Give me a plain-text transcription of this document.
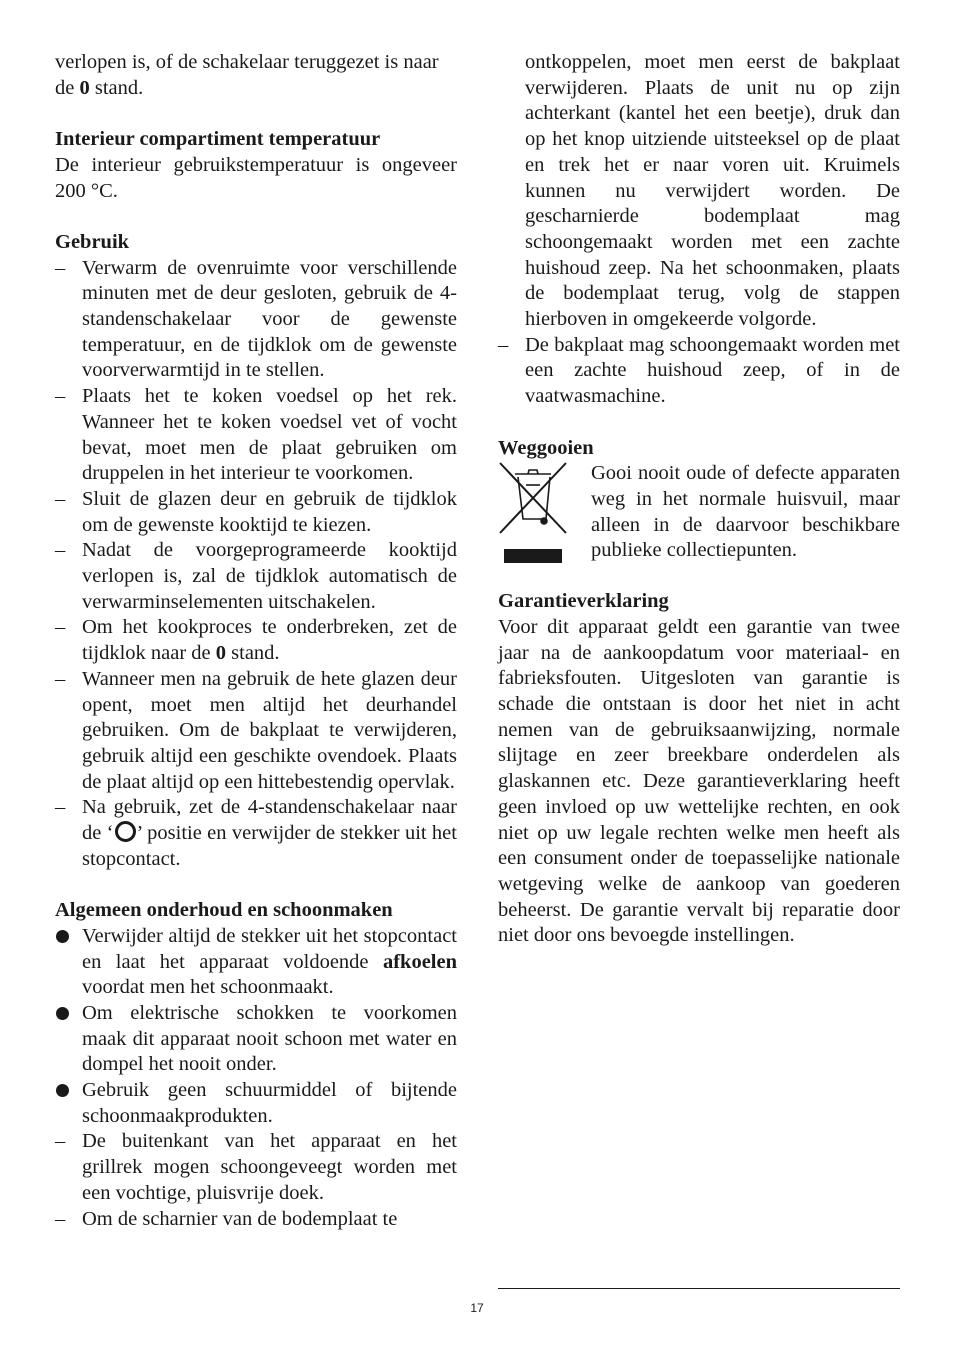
verlopen is, of de schakelaar teruggezet is naar
de 0 stand.

Interieur compartiment temperatuur

De interieur gebruikstemperatuur is ongeveer 200 °C.

Gebruik
– Verwarm de ovenruimte voor verschillende minuten met de deur gesloten, gebruik de 4-standenschakelaar voor de gewenste temperatuur, en de tijdklok om de gewenste voorverwarmtijd in te stellen.
– Plaats het te koken voedsel op het rek. Wanneer het te koken voedsel vet of vocht bevat, moet men de plaat gebruiken om druppelen in het interieur te voorkomen.
– Sluit de glazen deur en gebruik de tijdklok om de gewenste kooktijd te kiezen.
– Nadat de voorgeprogrameerde kooktijd verlopen is, zal de tijdklok automatisch de verwarminselementen uitschakelen.
– Om het kookproces te onderbreken, zet de tijdklok naar de 0 stand.
– Wanneer men na gebruik de hete glazen deur opent, moet men altijd het deurhandel gebruiken. Om de bakplaat te verwijderen, gebruik altijd een geschikte ovendoek. Plaats de plaat altijd op een hittebestendig opervlak.
– Na gebruik, zet de 4-standenschakelaar naar de ‘ ’ positie en verwijder de stekker uit het stopcontact.
Algemeen onderhoud en schoonmaken
Verwijder altijd de stekker uit het stopcontact en laat het apparaat voldoende afkoelen voordat men het schoonmaakt.
Om elektrische schokken te voorkomen maak dit apparaat nooit schoon met water en dompel het nooit onder.
Gebruik geen schuurmiddel of bijtende schoonmaakprodukten.
– De buitenkant van het apparaat en het grillrek mogen schoongeveegt worden met een vochtige, pluisvrije doek.
– Om de scharnier van de bodemplaat te

ontkoppelen, moet men eerst de bakplaat verwijderen. Plaats de unit nu op zijn achterkant (kantel het een beetje), druk dan op het knop uitziende uitsteeksel op de plaat en trek het er naar voren uit. Kruimels kunnen nu verwijdert worden. De gescharnierde bodemplaat mag schoongemaakt worden met een zachte huishoud zeep. Na het schoonmaken, plaats de bodemplaat terug, volg de stappen hierboven in omgekeerde volgorde.

– De bakplaat mag schoongemaakt worden met een zachte huishoud zeep, of in de vaatwasmachine.
Weggooien

Gooi nooit oude of defecte apparaten weg in het normale huisvuil, maar alleen in de daarvoor beschikbare publieke collectiepunten.

Garantieverklaring

Voor dit apparaat geldt een garantie van twee jaar na de aankoopdatum voor materiaal- en fabrieksfouten. Uitgesloten van garantie is schade die ontstaan is door het niet in acht nemen van de gebruiksaanwijzing, normale slijtage en zeer breekbare onderdelen als glaskannen etc. Deze garantieverklaring heeft geen invloed op uw wettelijke rechten, en ook niet op uw legale rechten welke men heeft als een consument onder de toepasselijke nationale wetgeving welke de aankoop van goederen beheerst. De garantie vervalt bij reparatie door niet door ons bevoegde instellingen.

17
